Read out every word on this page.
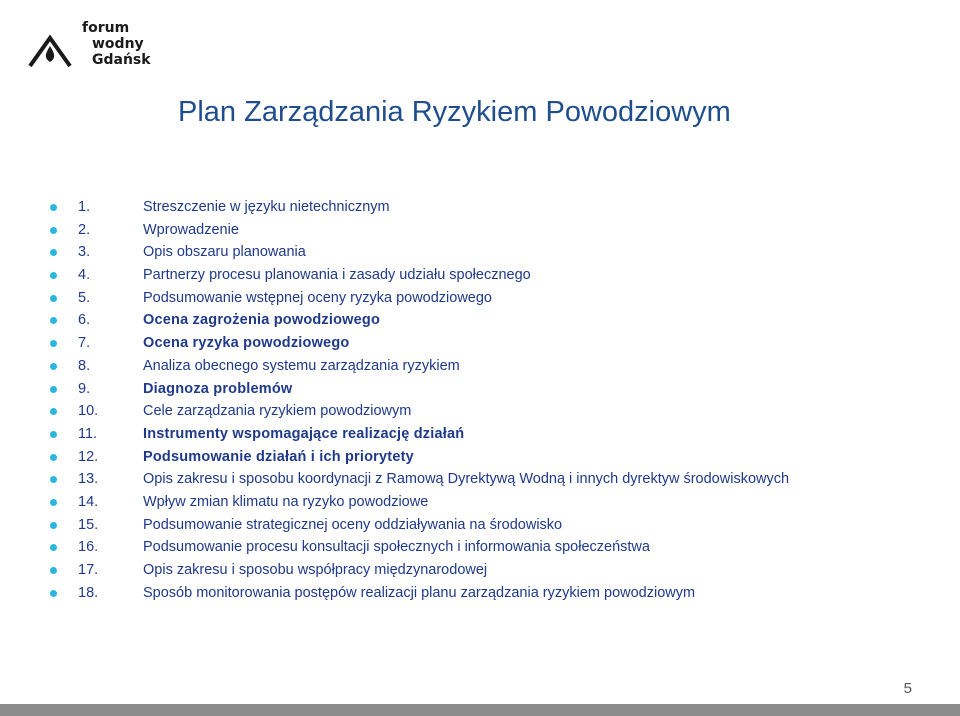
forum
wodny
Gdańsk
Plan Zarządzania Ryzykiem Powodziowym
1.	Streszczenie w języku nietechnicznym
2.	Wprowadzenie
3.	Opis obszaru planowania
4.	Partnerzy procesu planowania i zasady udziału społecznego
5.	Podsumowanie wstępnej oceny ryzyka powodziowego
6.	Ocena zagrożenia powodziowego
7.	Ocena ryzyka powodziowego
8.	Analiza obecnego systemu zarządzania ryzykiem
9.	Diagnoza problemów
10.	Cele zarządzania ryzykiem powodziowym
11.	Instrumenty wspomagające realizację działań
12.	Podsumowanie działań i ich priorytety
13.	Opis zakresu i sposobu koordynacji z Ramową Dyrektywą Wodną i innych dyrektyw środowiskowych
14.	Wpływ zmian klimatu na ryzyko powodziowe
15.	Podsumowanie strategicznej oceny oddziaływania na środowisko
16.	Podsumowanie procesu konsultacji społecznych i informowania społeczeństwa
17.	Opis zakresu i sposobu współpracy międzynarodowej
18.	Sposób monitorowania postępów realizacji planu zarządzania ryzykiem powodziowym
5
